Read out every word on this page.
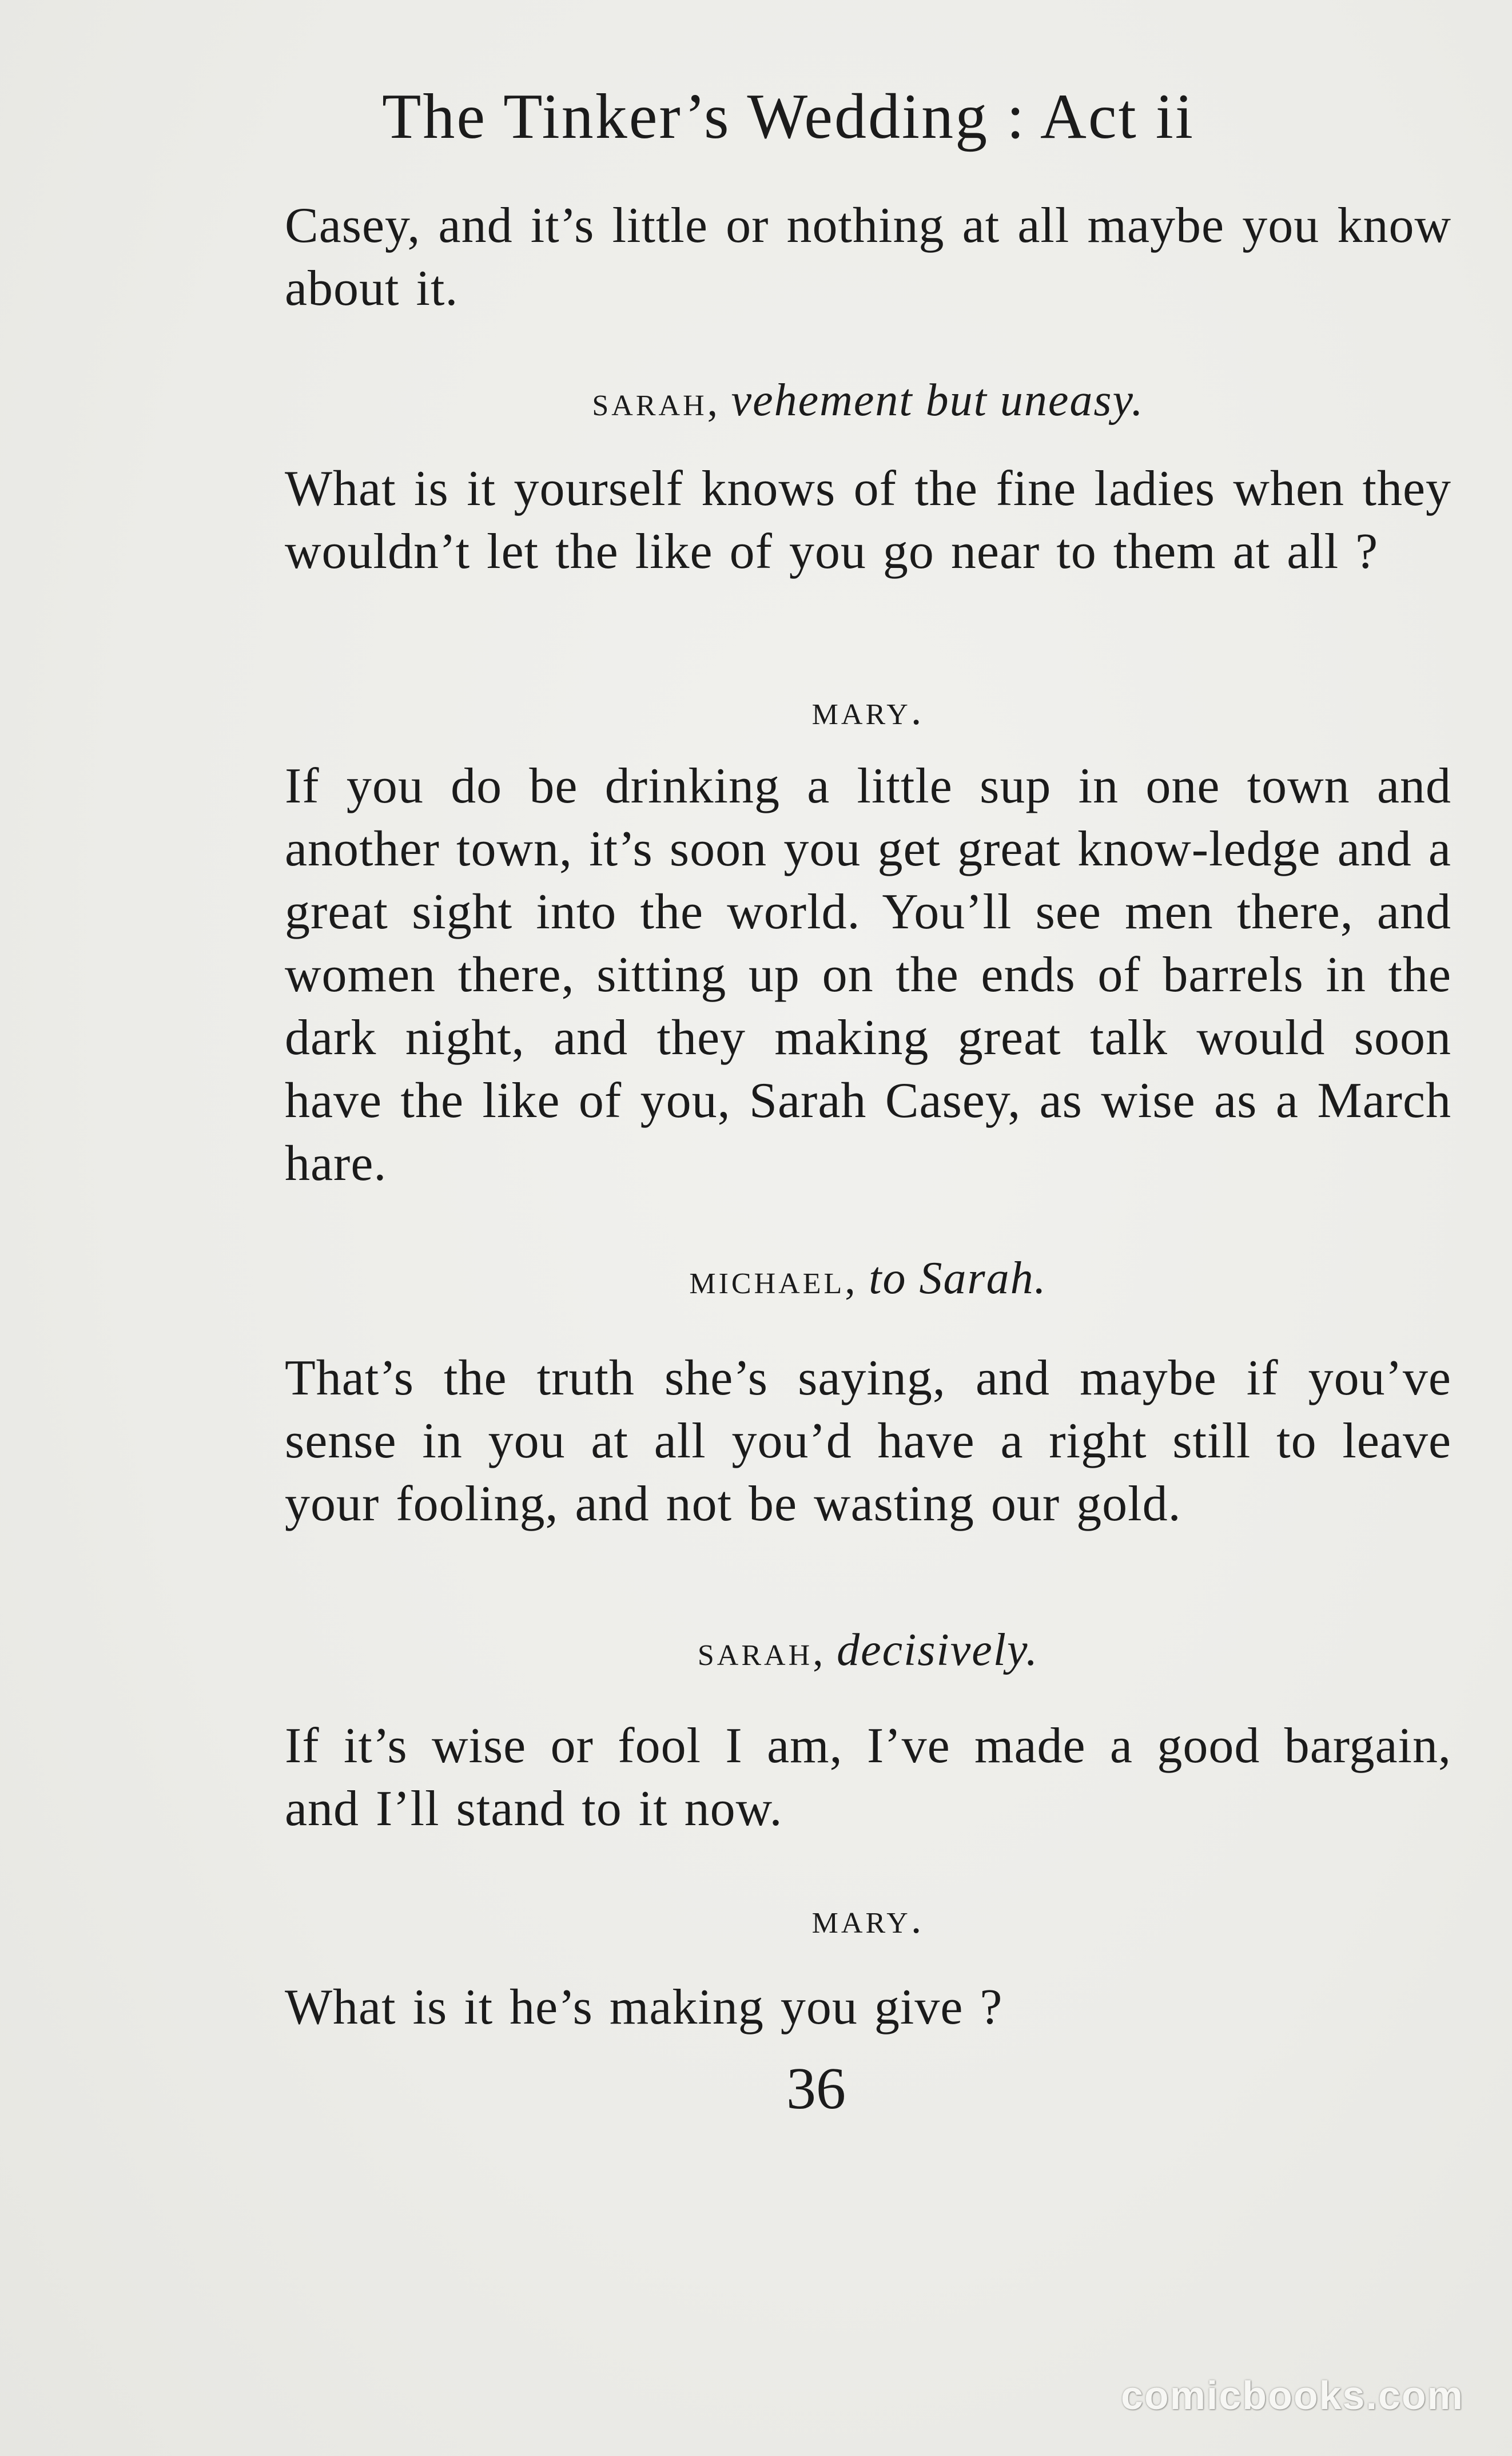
The Tinker’s Wedding : Act ii
Casey, and it’s little or nothing at all maybe you know about it.
sarah, vehement but uneasy.
What is it yourself knows of the fine ladies when they wouldn’t let the like of you go near to them at all ?
mary.
If you do be drinking a little sup in one town and another town, it’s soon you get great know-ledge and a great sight into the world. You’ll see men there, and women there, sitting up on the ends of barrels in the dark night, and they making great talk would soon have the like of you, Sarah Casey, as wise as a March hare.
michael, to Sarah.
That’s the truth she’s saying, and maybe if you’ve sense in you at all you’d have a right still to leave your fooling, and not be wasting our gold.
sarah, decisively.
If it’s wise or fool I am, I’ve made a good bargain, and I’ll stand to it now.
mary.
What is it he’s making you give ?
36
comicbooks.com
